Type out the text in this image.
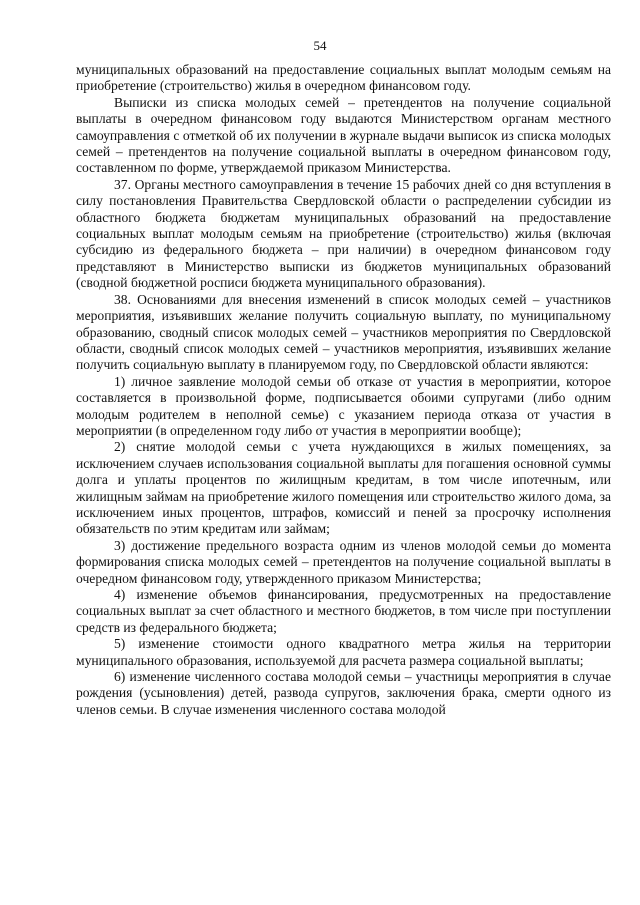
54

муниципальных образований на предоставление социальных выплат молодым семьям на приобретение (строительство) жилья в очередном финансовом году.

Выписки из списка молодых семей – претендентов на получение социальной выплаты в очередном финансовом году выдаются Министерством органам местного самоуправления с отметкой об их получении в журнале выдачи выписок из списка молодых семей – претендентов на получение социальной выплаты в очередном финансовом году, составленном по форме, утверждаемой приказом Министерства.

37. Органы местного самоуправления в течение 15 рабочих дней со дня вступления в силу постановления Правительства Свердловской области о распределении субсидии из областного бюджета бюджетам муниципальных образований на предоставление социальных выплат молодым семьям на приобретение (строительство) жилья (включая субсидию из федерального бюджета – при наличии) в очередном финансовом году представляют в Министерство выписки из бюджетов муниципальных образований (сводной бюджетной росписи бюджета муниципального образования).

38. Основаниями для внесения изменений в список молодых семей – участников мероприятия, изъявивших желание получить социальную выплату, по муниципальному образованию, сводный список молодых семей – участников мероприятия по Свердловской области, сводный список молодых семей – участников мероприятия, изъявивших желание получить социальную выплату в планируемом году, по Свердловской области являются:

1) личное заявление молодой семьи об отказе от участия в мероприятии, которое составляется в произвольной форме, подписывается обоими супругами (либо одним молодым родителем в неполной семье) с указанием периода отказа от участия в мероприятии (в определенном году либо от участия в мероприятии вообще);

2) снятие молодой семьи с учета нуждающихся в жилых помещениях, за исключением случаев использования социальной выплаты для погашения основной суммы долга и уплаты процентов по жилищным кредитам, в том числе ипотечным, или жилищным займам на приобретение жилого помещения или строительство жилого дома, за исключением иных процентов, штрафов, комиссий и пеней за просрочку исполнения обязательств по этим кредитам или займам;

3) достижение предельного возраста одним из членов молодой семьи до момента формирования списка молодых семей – претендентов на получение социальной выплаты в очередном финансовом году, утвержденного приказом Министерства;

4) изменение объемов финансирования, предусмотренных на предоставление социальных выплат за счет областного и местного бюджетов, в том числе при поступлении средств из федерального бюджета;

5) изменение стоимости одного квадратного метра жилья на территории муниципального образования, используемой для расчета размера социальной выплаты;

6) изменение численного состава молодой семьи – участницы мероприятия в случае рождения (усыновления) детей, развода супругов, заключения брака, смерти одного из членов семьи. В случае изменения численного состава молодой
